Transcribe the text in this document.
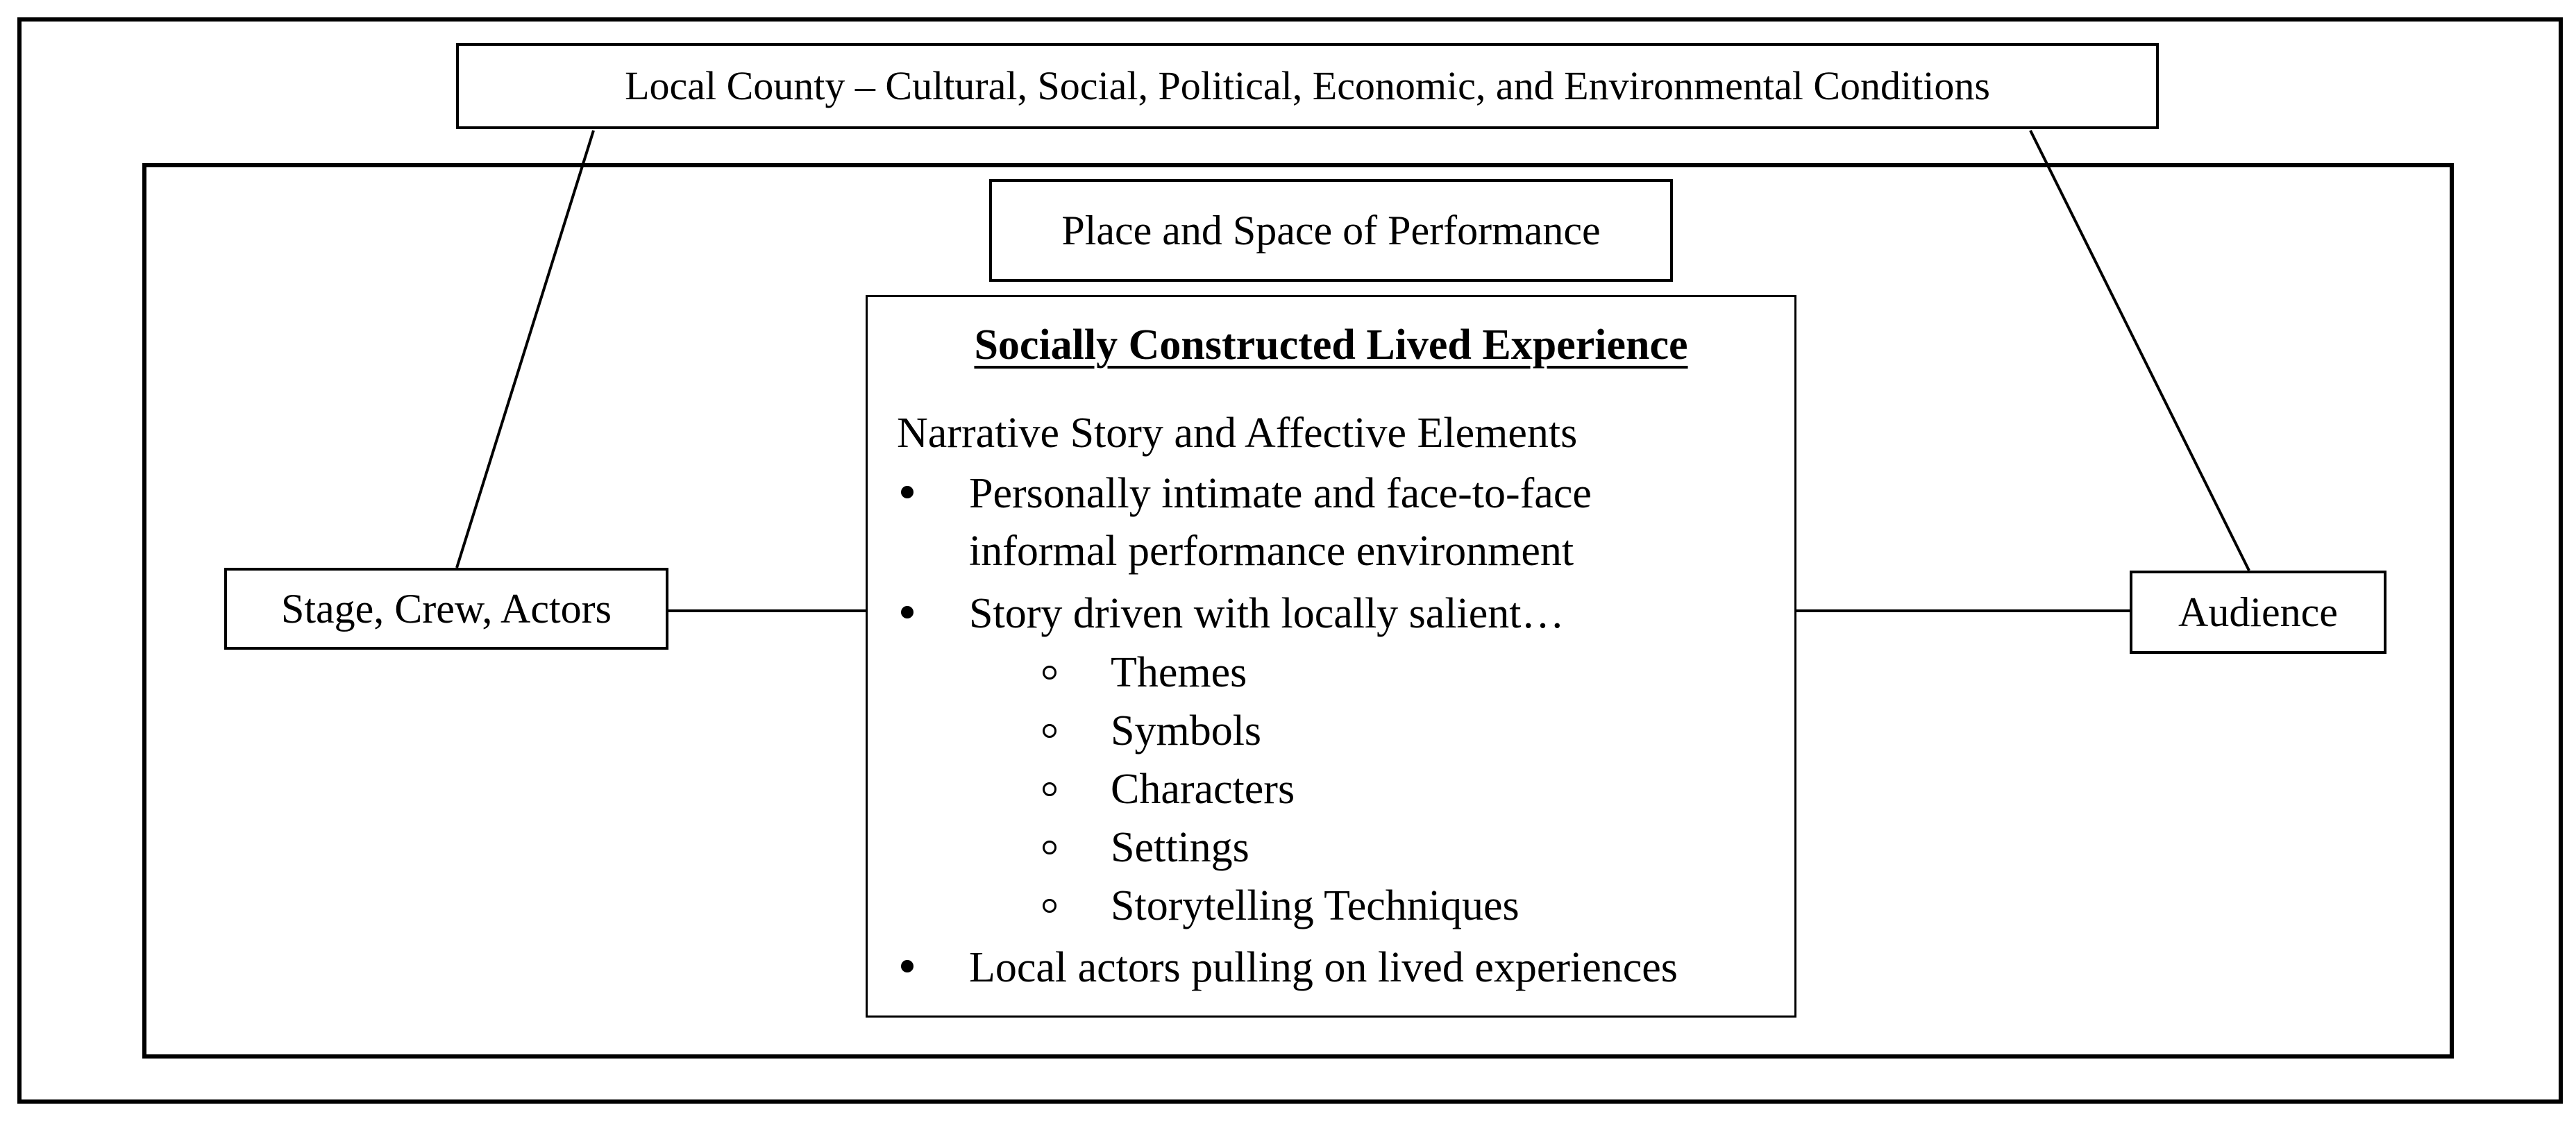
Local County – Cultural, Social, Political, Economic, and Environmental Conditions
Place and Space of Performance
Stage, Crew, Actors	Audience
Socially Constructed Lived Experience
Narrative Story and Affective Elements
Personally intimate and face-to-face
informal performance environment
Story driven with locally salient…
Themes
Symbols
Characters
Settings
Storytelling Techniques
Local actors pulling on lived experiences
